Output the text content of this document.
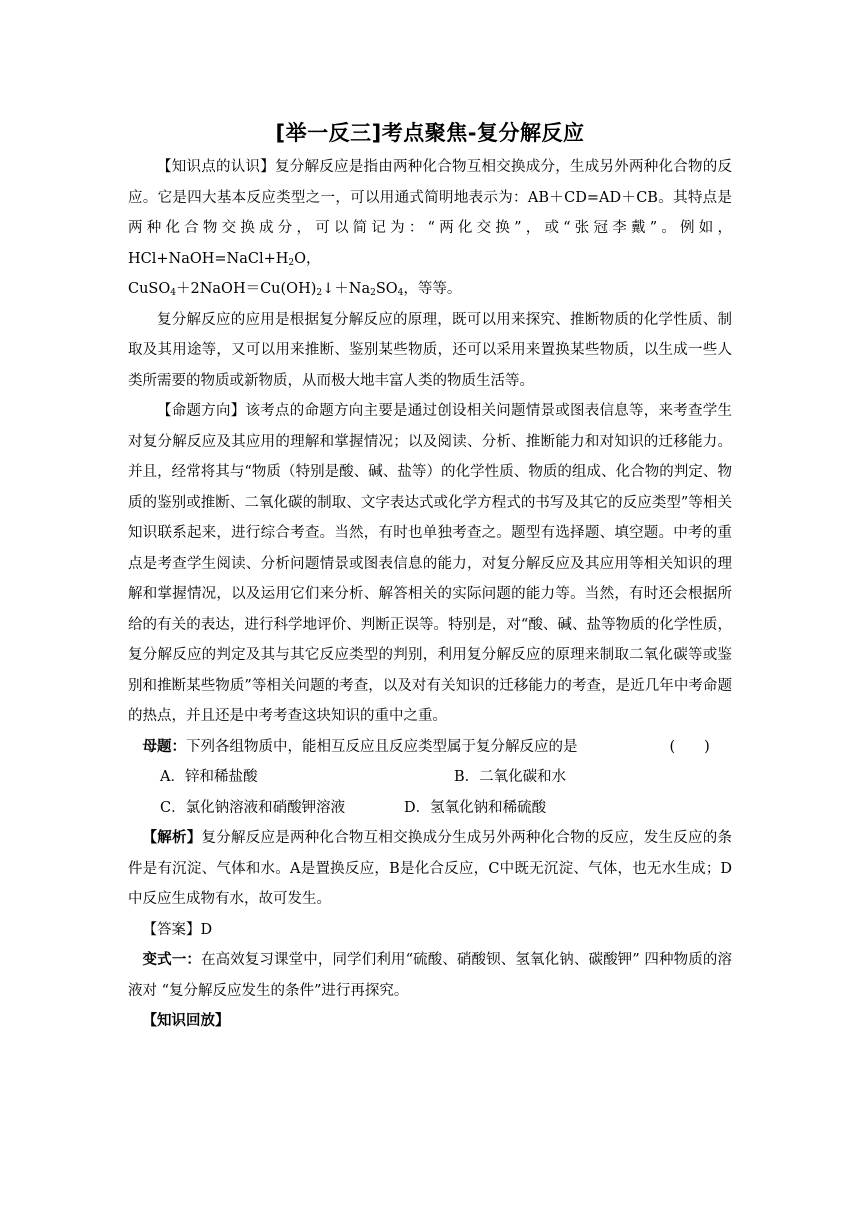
[举一反三]考点聚焦-复分解反应

【知识点的认识】复分解反应是指由两种化合物互相交换成分，生成另外两种化合物的反应。它是四大基本反应类型之一，可以用通式简明地表示为：AB＋CD=AD＋CB。其特点是两种化合物交换成分，可以简记为：“两化交换”，或“张冠李戴”。例如，$HCl+NaOH=NaCl+H_2O$，
$CuSO_4+2NaOH=Cu(OH)_2↓+Na_2SO_4$，等等。

复分解反应的应用是根据复分解反应的原理，既可以用来探究、推断物质的化学性质、制取及其用途等，又可以用来推断、鉴别某些物质，还可以采用来置换某些物质，以生成一些人类所需要的物质或新物质，从而极大地丰富人类的物质生活等。

【命题方向】该考点的命题方向主要是通过创设相关问题情景或图表信息等，来考查学生对复分解反应及其应用的理解和掌握情况；以及阅读、分析、推断能力和对知识的迁移能力。并且，经常将其与“物质（特别是酸、碱、盐等）的化学性质、物质的组成、化合物的判定、物质的鉴别或推断、二氧化碳的制取、文字表达式或化学方程式的书写及其它的反应类型”等相关知识联系起来，进行综合考查。当然，有时也单独考查之。题型有选择题、填空题。中考的重点是考查学生阅读、分析问题情景或图表信息的能力，对复分解反应及其应用等相关知识的理解和掌握情况，以及运用它们来分析、解答相关的实际问题的能力等。当然，有时还会根据所给的有关的表达，进行科学地评价、判断正误等。特别是，对“酸、碱、盐等物质的化学性质，复分解反应的判定及其与其它反应类型的判别，利用复分解反应的原理来制取二氧化碳等或鉴别和推断某些物质”等相关问题的考查，以及对有关知识的迁移能力的考查，是近几年中考命题的热点，并且还是中考考查这块知识的重中之重。

母题：下列各组物质中，能相互反应且反应类型属于复分解反应的是	(　　)

A．锌和稀盐酸	B．二氧化碳和水
C．氯化钠溶液和硝酸钾溶液	D．氢氧化钠和稀硫酸

【解析】复分解反应是两种化合物互相交换成分生成另外两种化合物的反应，发生反应的条件是有沉淀、气体和水。A是置换反应，B是化合反应，C中既无沉淀、气体，也无水生成；D中反应生成物有水，故可发生。

【答案】D

变式一：在高效复习课堂中，同学们利用“硫酸、硝酸钡、氢氧化钠、碳酸钾” 四种物质的溶液对 “复分解反应发生的条件”进行再探究。

【知识回放】
